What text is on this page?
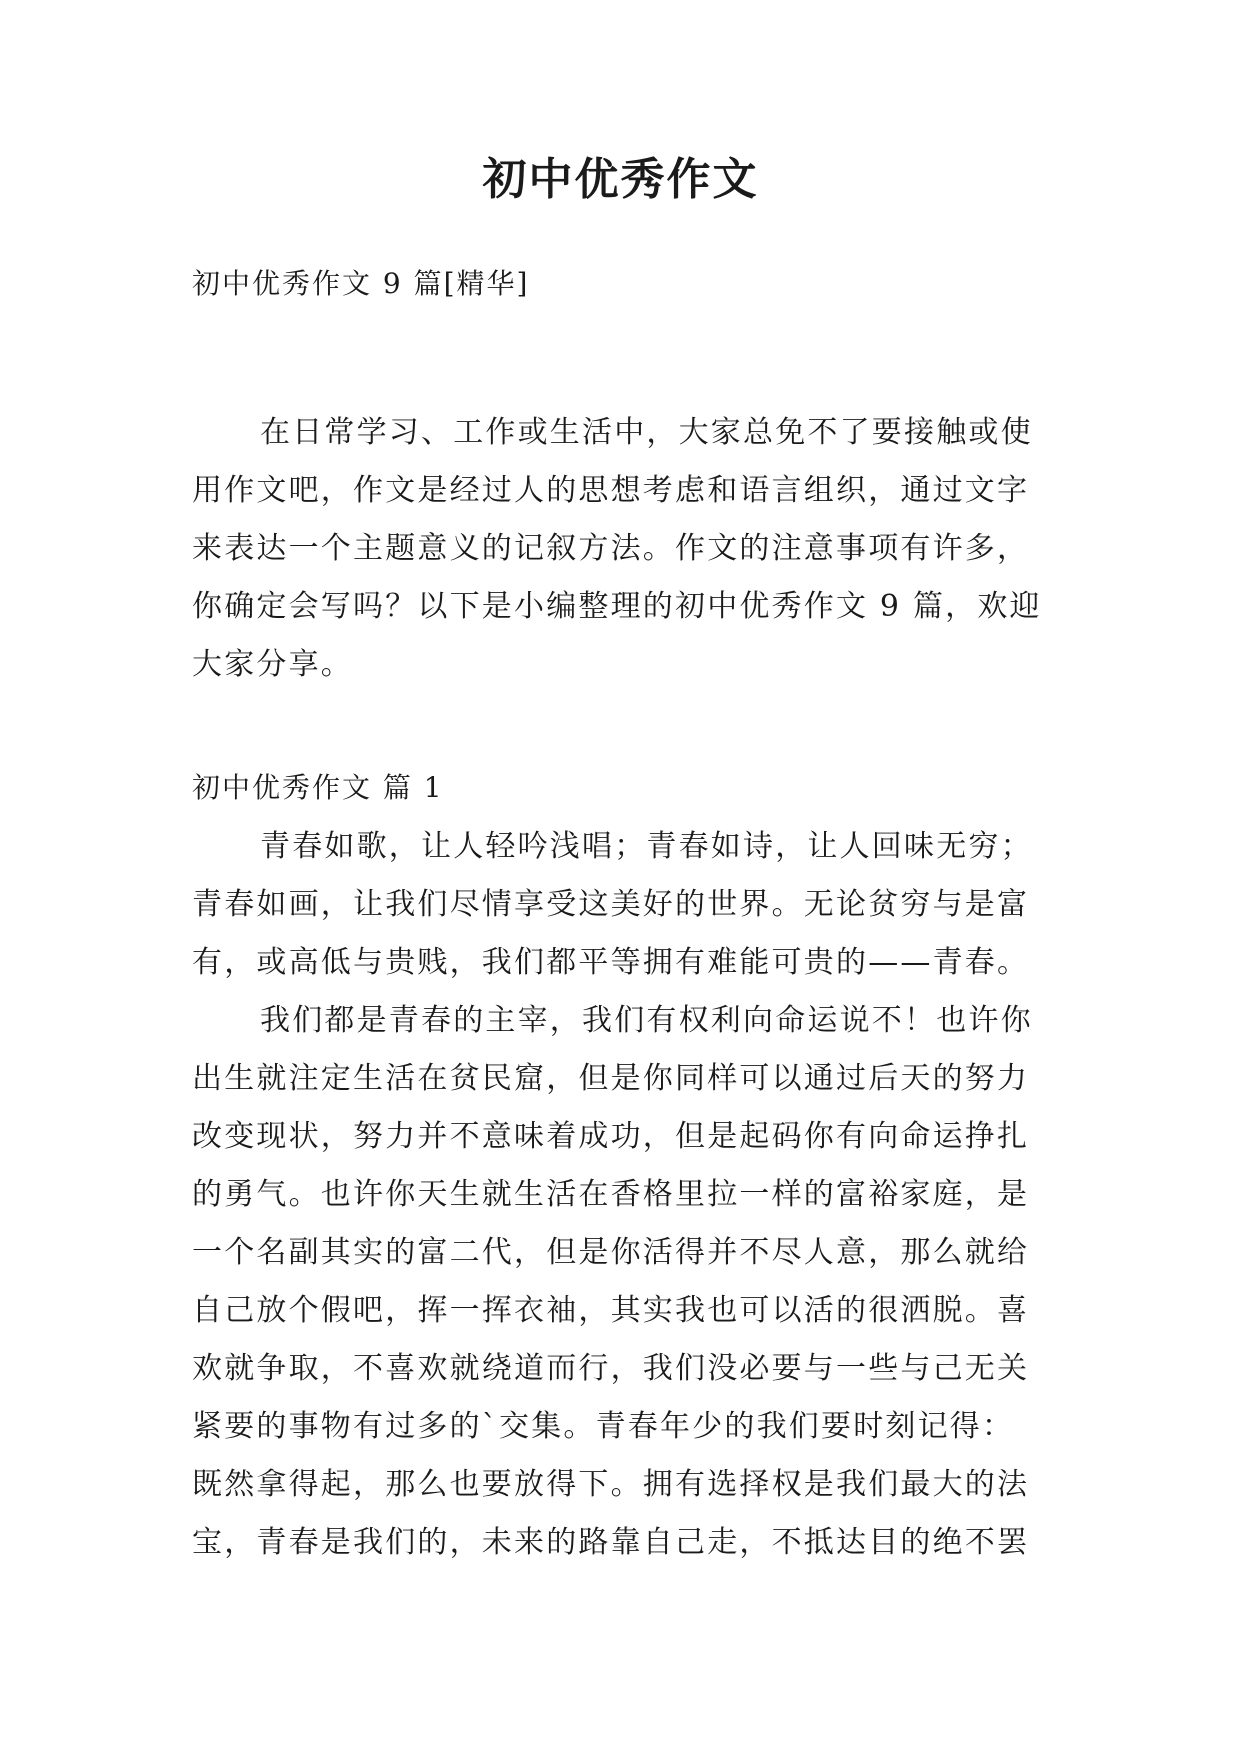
初中优秀作文

初中优秀作文 9 篇[精华]

在日常学习、工作或生活中，大家总免不了要接触或使
用作文吧，作文是经过人的思想考虑和语言组织，通过文字
来表达一个主题意义的记叙方法。作文的注意事项有许多，
你确定会写吗？以下是小编整理的初中优秀作文 9 篇，欢迎
大家分享。

初中优秀作文 篇 1

青春如歌，让人轻吟浅唱；青春如诗，让人回味无穷；
青春如画，让我们尽情享受这美好的世界。无论贫穷与是富
有，或高低与贵贱，我们都平等拥有难能可贵的——青春。
我们都是青春的主宰，我们有权利向命运说不！也许你
出生就注定生活在贫民窟，但是你同样可以通过后天的努力
改变现状，努力并不意味着成功，但是起码你有向命运挣扎
的勇气。也许你天生就生活在香格里拉一样的富裕家庭，是
一个名副其实的富二代，但是你活得并不尽人意，那么就给
自己放个假吧，挥一挥衣袖，其实我也可以活的很洒脱。喜
欢就争取，不喜欢就绕道而行，我们没必要与一些与己无关
紧要的事物有过多的`交集。青春年少的我们要时刻记得：
既然拿得起，那么也要放得下。拥有选择权是我们最大的法
宝，青春是我们的，未来的路靠自己走，不抵达目的绝不罢
